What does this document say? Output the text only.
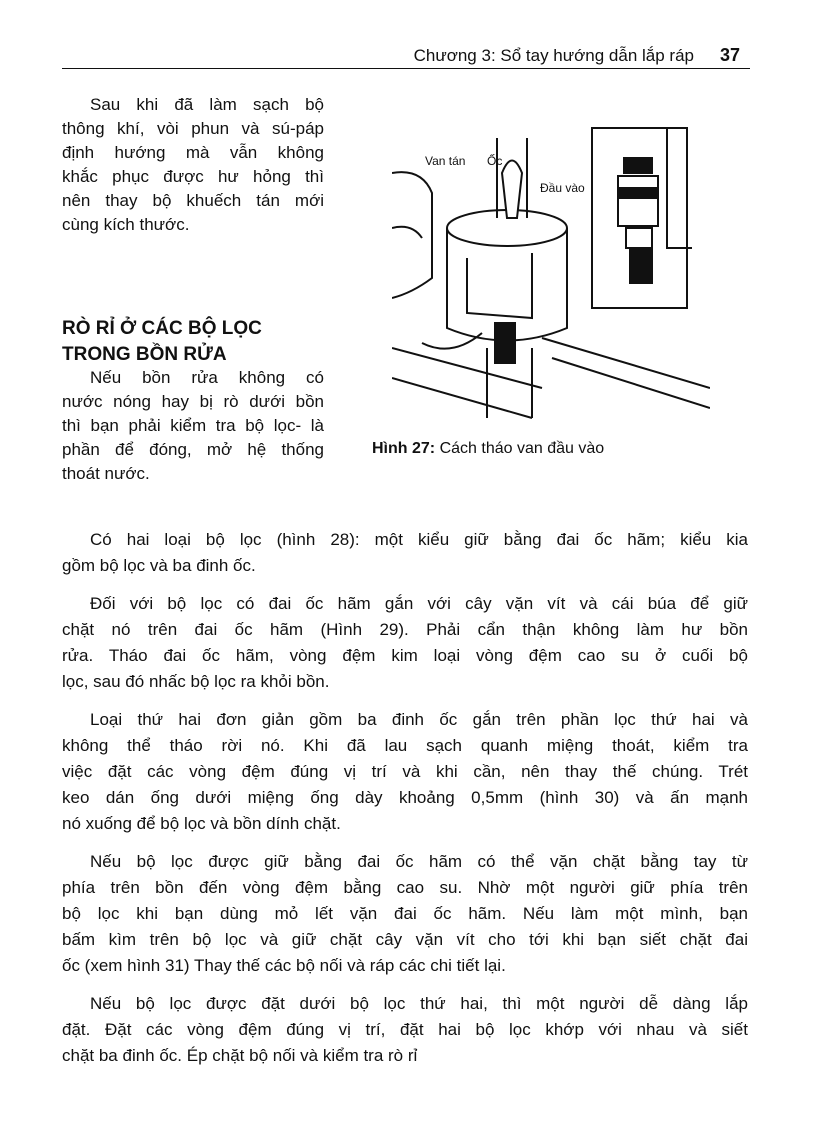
Chương 3: Sổ tay hướng dẫn lắp ráp 37
Sau khi đã làm sạch bộ
thông khí, vòi phun và sú-páp
định hướng mà vẫn không
khắc phục được hư hỏng thì
nên thay bộ khuếch tán mới
cùng kích thước.
RÒ RỈ Ở CÁC BỘ LỌC
TRONG BỒN RỬA
Nếu bồn rửa không có
nước nóng hay bị rò dưới bồn
thì bạn phải kiểm tra bộ lọc- là
phần để đóng, mở hệ thống
thoát nước.
Van tán Ốc
Đầu vào
Hình 27: Cách tháo van đầu vào
Có hai loại bộ lọc (hình 28): một kiểu giữ bằng đai ốc hãm; kiểu kia
gồm bộ lọc và ba đinh ốc.
Đối với bộ lọc có đai ốc hãm gắn với cây vặn vít và cái búa để giữ
chặt nó trên đai ốc hãm (Hình 29). Phải cẩn thận không làm hư bồn
rửa. Tháo đai ốc hãm, vòng đệm kim loại vòng đệm cao su ở cuối bộ
lọc, sau đó nhấc bộ lọc ra khỏi bồn.
Loại thứ hai đơn giản gồm ba đinh ốc gắn trên phần lọc thứ hai và
không thể tháo rời nó. Khi đã lau sạch quanh miệng thoát, kiểm tra
việc đặt các vòng đệm đúng vị trí và khi cần, nên thay thế chúng. Trét
keo dán ống dưới miệng ống dày khoảng 0,5mm (hình 30) và ấn mạnh
nó xuống để bộ lọc và bồn dính chặt.
Nếu bộ lọc được giữ bằng đai ốc hãm có thể vặn chặt bằng tay từ
phía trên bồn đến vòng đệm bằng cao su. Nhờ một người giữ phía trên
bộ lọc khi bạn dùng mỏ lết vặn đai ốc hãm. Nếu làm một mình, bạn
bấm kìm trên bộ lọc và giữ chặt cây vặn vít cho tới khi bạn siết chặt đai
ốc (xem hình 31) Thay thế các bộ nối và ráp các chi tiết lại.
Nếu bộ lọc được đặt dưới bộ lọc thứ hai, thì một người dễ dàng lắp
đặt. Đặt các vòng đệm đúng vị trí, đặt hai bộ lọc khớp với nhau và siết
chặt ba đinh ốc. Ép chặt bộ nối và kiểm tra rò rỉ
